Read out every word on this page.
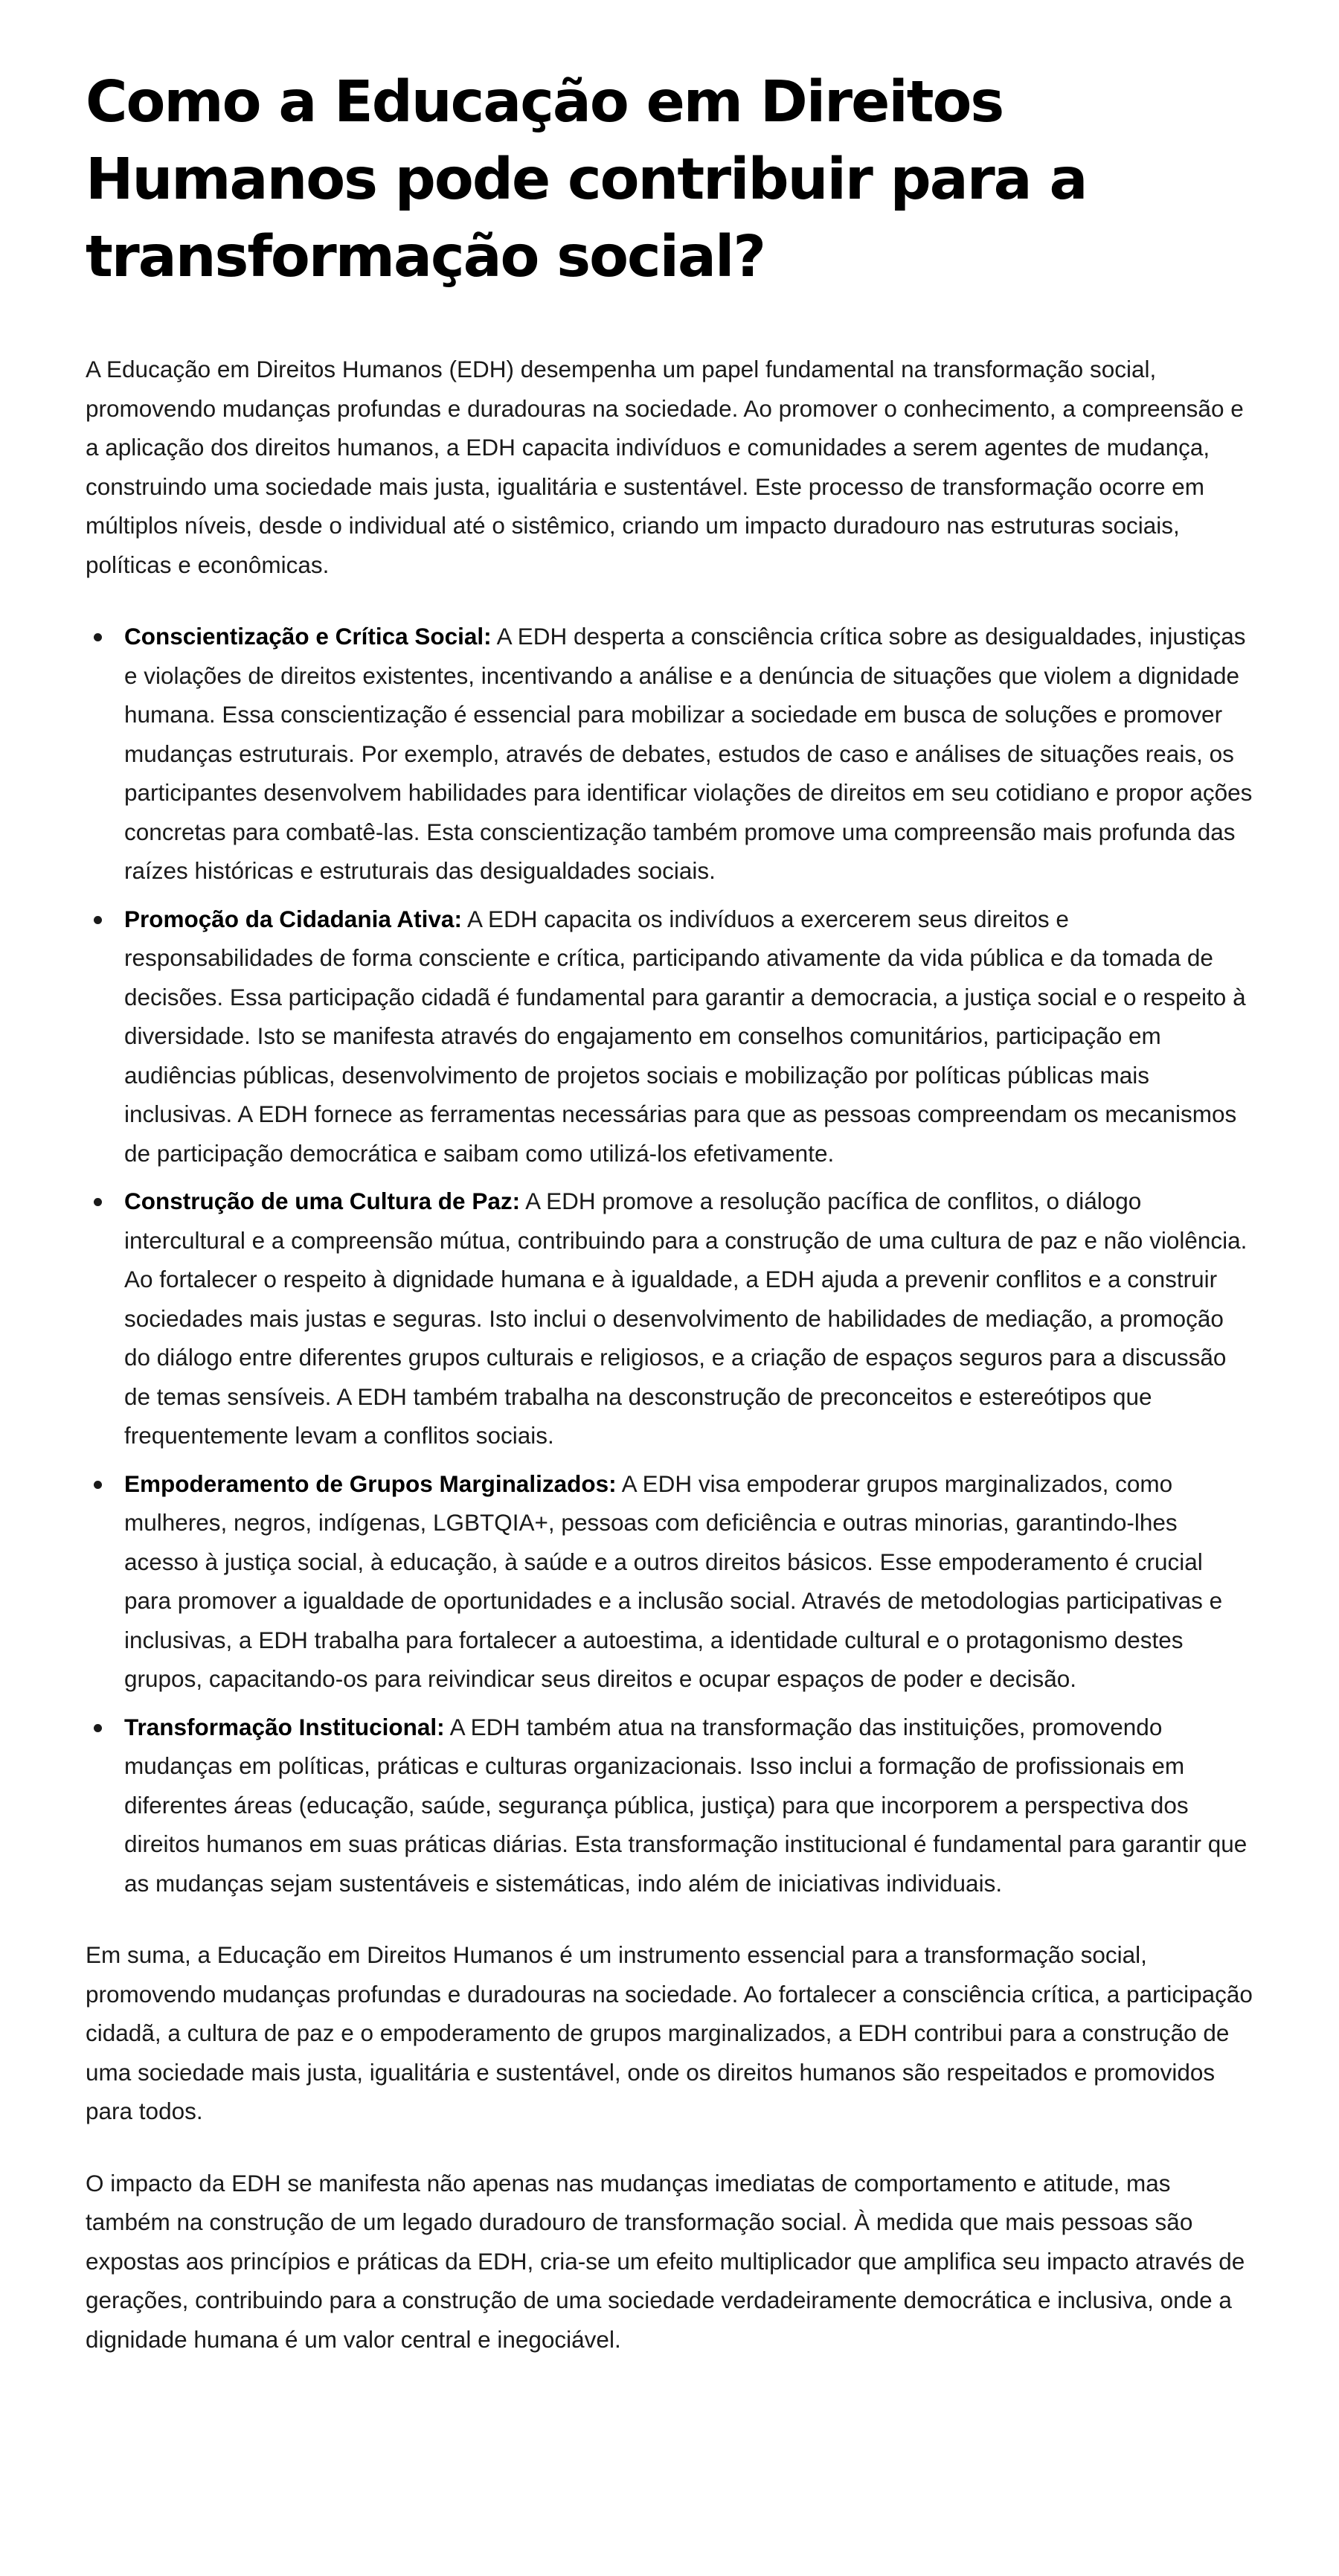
Como a Educação em Direitos Humanos pode contribuir para a transformação social?

A Educação em Direitos Humanos (EDH) desempenha um papel fundamental na transformação social, promovendo mudanças profundas e duradouras na sociedade. Ao promover o conhecimento, a compreensão e a aplicação dos direitos humanos, a EDH capacita indivíduos e comunidades a serem agentes de mudança, construindo uma sociedade mais justa, igualitária e sustentável. Este processo de transformação ocorre em múltiplos níveis, desde o individual até o sistêmico, criando um impacto duradouro nas estruturas sociais, políticas e econômicas.

Conscientização e Crítica Social: A EDH desperta a consciência crítica sobre as desigualdades, injustiças e violações de direitos existentes, incentivando a análise e a denúncia de situações que violem a dignidade humana. Essa conscientização é essencial para mobilizar a sociedade em busca de soluções e promover mudanças estruturais. Por exemplo, através de debates, estudos de caso e análises de situações reais, os participantes desenvolvem habilidades para identificar violações de direitos em seu cotidiano e propor ações concretas para combatê-las. Esta conscientização também promove uma compreensão mais profunda das raízes históricas e estruturais das desigualdades sociais.
Promoção da Cidadania Ativa: A EDH capacita os indivíduos a exercerem seus direitos e responsabilidades de forma consciente e crítica, participando ativamente da vida pública e da tomada de decisões. Essa participação cidadã é fundamental para garantir a democracia, a justiça social e o respeito à diversidade. Isto se manifesta através do engajamento em conselhos comunitários, participação em audiências públicas, desenvolvimento de projetos sociais e mobilização por políticas públicas mais inclusivas. A EDH fornece as ferramentas necessárias para que as pessoas compreendam os mecanismos de participação democrática e saibam como utilizá-los efetivamente.
Construção de uma Cultura de Paz: A EDH promove a resolução pacífica de conflitos, o diálogo intercultural e a compreensão mútua, contribuindo para a construção de uma cultura de paz e não violência. Ao fortalecer o respeito à dignidade humana e à igualdade, a EDH ajuda a prevenir conflitos e a construir sociedades mais justas e seguras. Isto inclui o desenvolvimento de habilidades de mediação, a promoção do diálogo entre diferentes grupos culturais e religiosos, e a criação de espaços seguros para a discussão de temas sensíveis. A EDH também trabalha na desconstrução de preconceitos e estereótipos que frequentemente levam a conflitos sociais.
Empoderamento de Grupos Marginalizados: A EDH visa empoderar grupos marginalizados, como mulheres, negros, indígenas, LGBTQIA+, pessoas com deficiência e outras minorias, garantindo-lhes acesso à justiça social, à educação, à saúde e a outros direitos básicos. Esse empoderamento é crucial para promover a igualdade de oportunidades e a inclusão social. Através de metodologias participativas e inclusivas, a EDH trabalha para fortalecer a autoestima, a identidade cultural e o protagonismo destes grupos, capacitando-os para reivindicar seus direitos e ocupar espaços de poder e decisão.
Transformação Institucional: A EDH também atua na transformação das instituições, promovendo mudanças em políticas, práticas e culturas organizacionais. Isso inclui a formação de profissionais em diferentes áreas (educação, saúde, segurança pública, justiça) para que incorporem a perspectiva dos direitos humanos em suas práticas diárias. Esta transformação institucional é fundamental para garantir que as mudanças sejam sustentáveis e sistemáticas, indo além de iniciativas individuais.

Em suma, a Educação em Direitos Humanos é um instrumento essencial para a transformação social, promovendo mudanças profundas e duradouras na sociedade. Ao fortalecer a consciência crítica, a participação cidadã, a cultura de paz e o empoderamento de grupos marginalizados, a EDH contribui para a construção de uma sociedade mais justa, igualitária e sustentável, onde os direitos humanos são respeitados e promovidos para todos.

O impacto da EDH se manifesta não apenas nas mudanças imediatas de comportamento e atitude, mas também na construção de um legado duradouro de transformação social. À medida que mais pessoas são expostas aos princípios e práticas da EDH, cria-se um efeito multiplicador que amplifica seu impacto através de gerações, contribuindo para a construção de uma sociedade verdadeiramente democrática e inclusiva, onde a dignidade humana é um valor central e inegociável.
